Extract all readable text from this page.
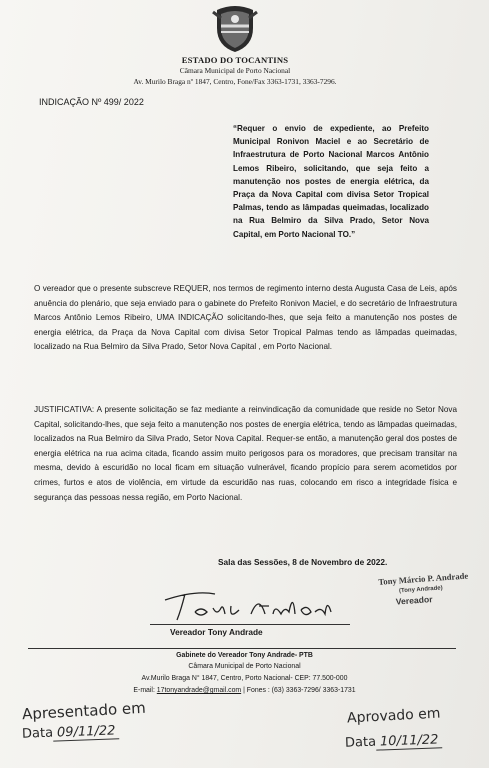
ESTADO DO TOCANTINS
Câmara Municipal de Porto Nacional
Av. Murilo Braga nº 1847, Centro, Fone/Fax 3363-1731, 3363-7296.
INDICAÇÃO Nº 499/ 2022
“Requer o envio de expediente, ao Prefeito Municipal Ronivon Maciel e ao Secretário de Infraestrutura de Porto Nacional Marcos Antônio Lemos Ribeiro, solicitando, que seja feito a manutenção nos postes de energia elétrica, da Praça da Nova Capital com divisa Setor Tropical Palmas, tendo as lâmpadas queimadas, localizado na Rua Belmiro da Silva Prado, Setor Nova Capital, em Porto Nacional TO.”
O vereador que o presente subscreve REQUER, nos termos de regimento interno desta Augusta Casa de Leis, após anuência do plenário, que seja enviado para o gabinete do Prefeito Ronivon Maciel, e do secretário de Infraestrutura Marcos Antônio Lemos Ribeiro, UMA INDICAÇÃO solicitando-lhes, que seja feito a manutenção nos postes de energia elétrica, da Praça da Nova Capital com divisa Setor Tropical Palmas tendo as lâmpadas queimadas, localizado na Rua Belmiro da Silva Prado, Setor Nova Capital , em Porto Nacional.
JUSTIFICATIVA: A presente solicitação se faz mediante a reinvindicação da comunidade que reside no Setor Nova Capital, solicitando-lhes, que seja feito a manutenção nos postes de energia elétrica, tendo as lâmpadas queimadas, localizados na Rua Belmiro da Silva Prado, Setor Nova Capital. Requer-se então, a manutenção geral dos postes de energia elétrica na rua acima citada, ficando assim muito perigosos para os moradores, que precisam transitar na mesma, devido à escuridão no local ficam em situação vulnerável, ficando propício para serem acometidos por crimes, furtos e atos de violência, em virtude da escuridão nas ruas, colocando em risco a integridade física e segurança das pessoas nessa região, em Porto Nacional.
Sala das Sessões, 8 de Novembro de 2022.
Vereador Tony Andrade
Tony Márcio P. Andrade
(Tony Andrade)
Vereador
Gabinete do Vereador Tony Andrade- PTB
Câmara Municipal de Porto Nacional
Av.Murilo Braga N° 1847, Centro, Porto Nacional- CEP: 77.500-000
E-mail: 17tonyandrade@gmail.com | Fones : (63) 3363-7296/ 3363-1731
Apresentado em
Data 09/11/22
Aprovado em
Data 10/11/22
